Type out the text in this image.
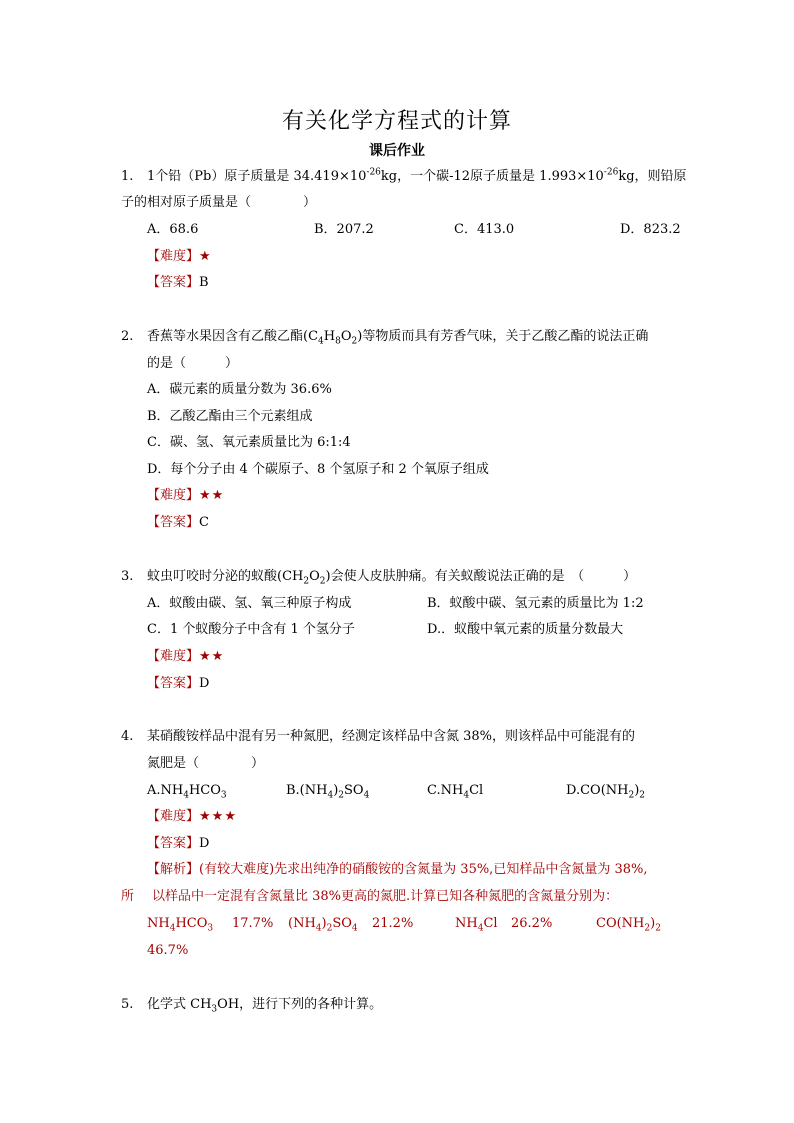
有关化学方程式的计算
课后作业
1. 1个铅（Pb）原子质量是 $34.419\times 10^{-26}kg$，一个碳-12原子质量是 $1.993\times 10^{-26}kg$，则铅原
子的相对原子质量是（　　　　）
A．68.6	B．207.2	C．413.0	D．823.2
【难度】★
【答案】B
2. 香蕉等水果因含有乙酸乙酯$(C_4H_8O_2)$等物质而具有芳香气味，关于乙酸乙酯的说法正确
的是（　　　）
A．碳元素的质量分数为 36.6%
B．乙酸乙酯由三个元素组成
C．碳、氢、氧元素质量比为 6:1:4
D．每个分子由 4 个碳原子、8 个氢原子和 2 个氧原子组成
【难度】★★
【答案】C
3. 蚊虫叮咬时分泌的蚁酸$(CH_2O_2)$会使人皮肤肿痛。有关蚁酸说法正确的是　（　　　）
A．蚁酸由碳、氢、氧三种原子构成	B．蚁酸中碳、氢元素的质量比为 1:2
C．1 个蚁酸分子中含有 1 个氢分子	D.．蚁酸中氧元素的质量分数最大
【难度】★★
【答案】D
4. 某硝酸铵样品中混有另一种氮肥，经测定该样品中含氮 38%，则该样品中可能混有的
氮肥是（　　　　）
$A.NH_4HCO_3$	$B.(NH_4)_2SO_4$	$C.NH_4Cl$	$D.CO(NH_2)_2$
【难度】★★★
【答案】D
【解析】(有较大难度)先求出纯净的硝酸铵的含氮量为 35%,已知样品中含氮量为 38%,
所 以样品中一定混有含氮量比 38%更高的氮肥.计算已知各种氮肥的含氮量分别为：
$NH_4HCO_3$ 17.7% $(NH_4)_2SO_4$ 21.2%	$NH_4Cl$ 26.2%	$CO(NH_2)_2$
46.7%
5. 化学式 $CH_3OH$，进行下列的各种计算。
